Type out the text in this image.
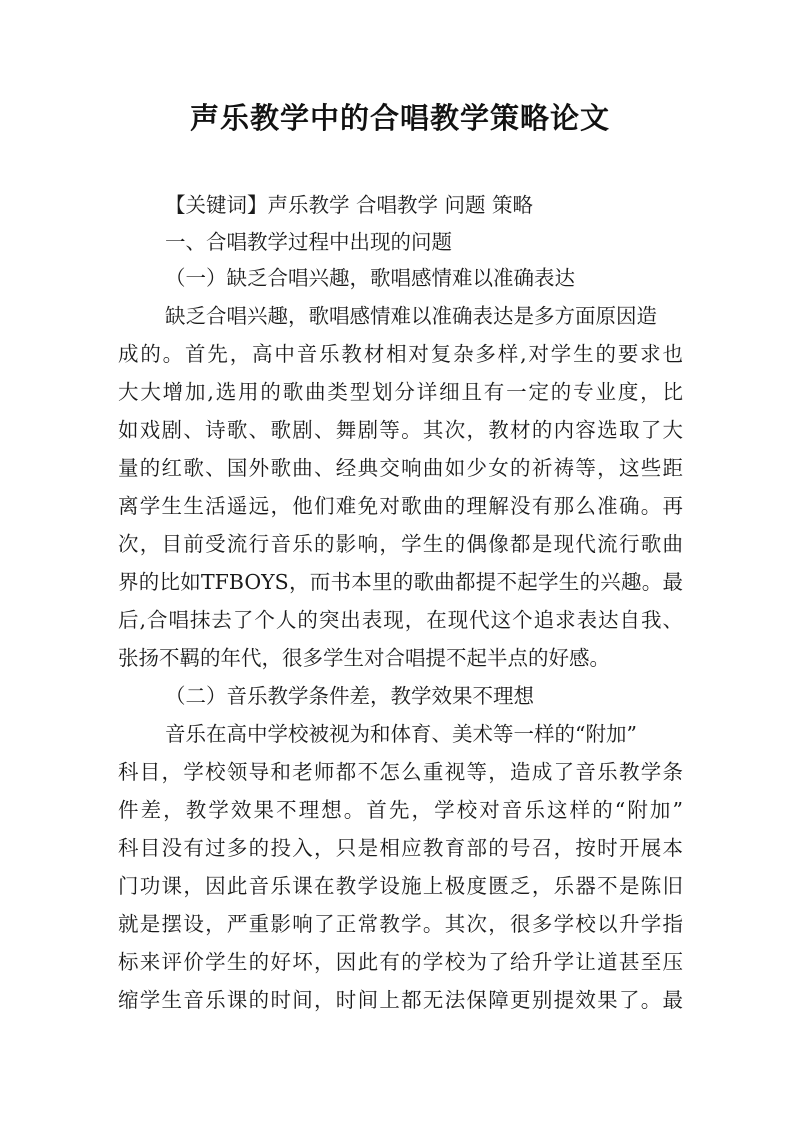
声乐教学中的合唱教学策略论文
【关键词】声乐教学 合唱教学 问题 策略
一、合唱教学过程中出现的问题
（一）缺乏合唱兴趣，歌唱感情难以准确表达
缺乏合唱兴趣，歌唱感情难以准确表达是多方面原因造
成的。首先，高中音乐教材相对复杂多样,对学生的要求也
大大增加,选用的歌曲类型划分详细且有一定的专业度，比
如戏剧、诗歌、歌剧、舞剧等。其次，教材的内容选取了大
量的红歌、国外歌曲、经典交响曲如少女的祈祷等，这些距
离学生生活遥远，他们难免对歌曲的理解没有那么准确。再
次，目前受流行音乐的影响，学生的偶像都是现代流行歌曲
界的比如TFBOYS，而书本里的歌曲都提不起学生的兴趣。最
后,合唱抹去了个人的突出表现，在现代这个追求表达自我、
张扬不羁的年代，很多学生对合唱提不起半点的好感。
（二）音乐教学条件差，教学效果不理想
音乐在高中学校被视为和体育、美术等一样的“附加”
科目，学校领导和老师都不怎么重视等，造成了音乐教学条
件差，教学效果不理想。首先，学校对音乐这样的“附加”
科目没有过多的投入，只是相应教育部的号召，按时开展本
门功课，因此音乐课在教学设施上极度匮乏，乐器不是陈旧
就是摆设，严重影响了正常教学。其次，很多学校以升学指
标来评价学生的好坏，因此有的学校为了给升学让道甚至压
缩学生音乐课的时间，时间上都无法保障更别提效果了。最
